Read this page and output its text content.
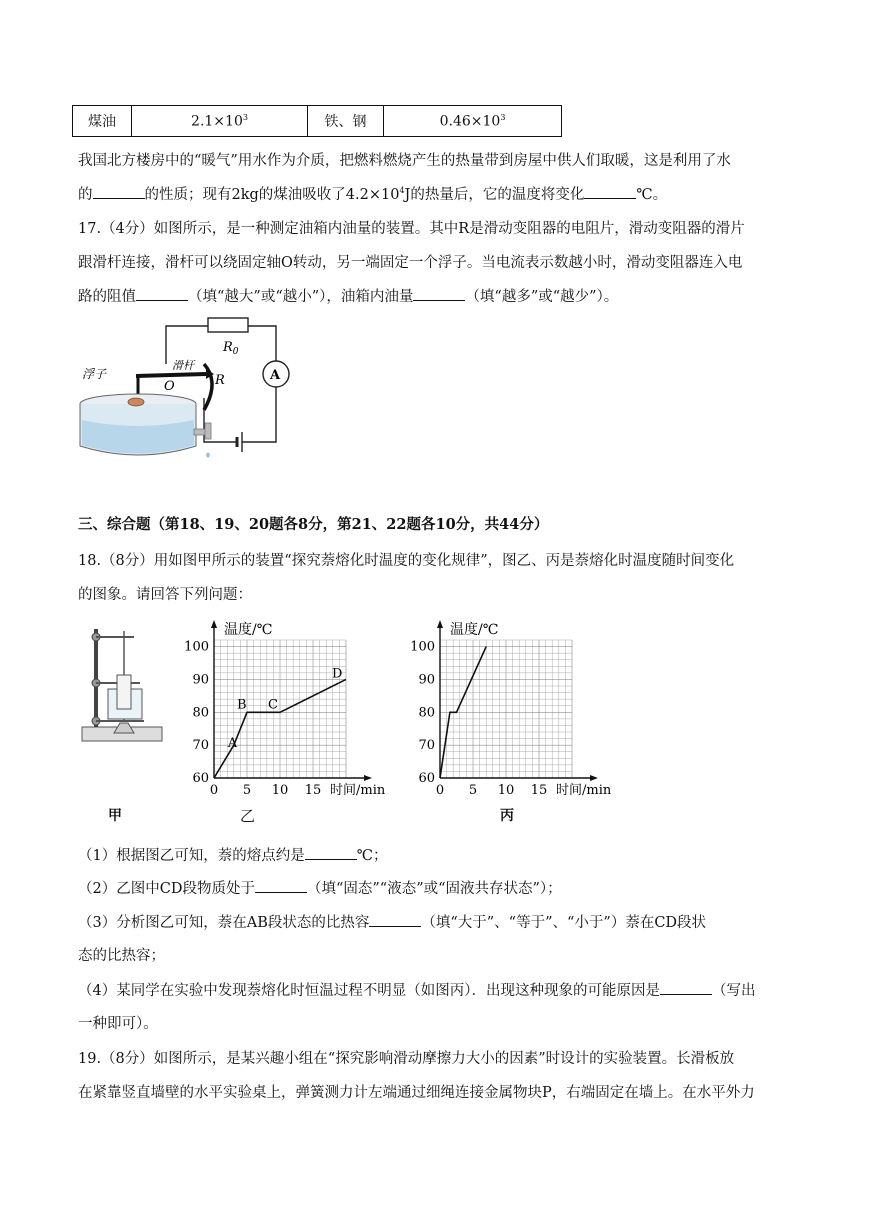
煤油	$2.1\times 10^3$	铁、钢	$0.46\times 10^3$
我国北方楼房中的“暖气”用水作为介质，把燃料燃烧产生的热量带到房屋中供人们取暖，这是利用了水
的	的性质；现有2kg的煤油吸收了$4.2\times 10^4J$的热量后，它的温度将变化	℃。
17.（4分）如图所示，是一种测定油箱内油量的装置。其中R是滑动变阻器的电阻片，滑动变阻器的滑片
跟滑杆连接，滑杆可以绕固定轴O转动，另一端固定一个浮子。当电流表示数越小时，滑动变阻器连入电
路的阻值	（填“越大”或“越小”），油箱内油量	（填“越多”或“越少”）。
A
浮子
滑杆
O	R
$R_0$
三、综合题（第18、19、20题各8分，第21、22题各10分，共44分）
18.（8分）用如图甲所示的装置“探究萘熔化时温度的变化规律”，图乙、丙是萘熔化时温度随时间变化
的图象。请回答下列问题：
甲
0 5 10 15
60
70
80
90
100
温度/℃
时间/min
A
B C
D
乙
0 5 10 15
60
70
80
90
100
温度/℃
时间/min
丙
（1）根据图乙可知，萘的熔点约是	℃；
（2）乙图中CD段物质处于	（填“固态”“液态”或“固液共存状态”）；
（3）分析图乙可知，萘在AB段状态的比热容	（填“大于”、“等于”、“小于”）萘在CD段状
态的比热容；
（4）某同学在实验中发现萘熔化时恒温过程不明显（如图丙）．出现这种现象的可能原因是	（写出
一种即可）。
19.（8分）如图所示，是某兴趣小组在“探究影响滑动摩擦力大小的因素”时设计的实验装置。长滑板放
在紧靠竖直墙壁的水平实验桌上，弹簧测力计左端通过细绳连接金属物块P，右端固定在墙上。在水平外力
